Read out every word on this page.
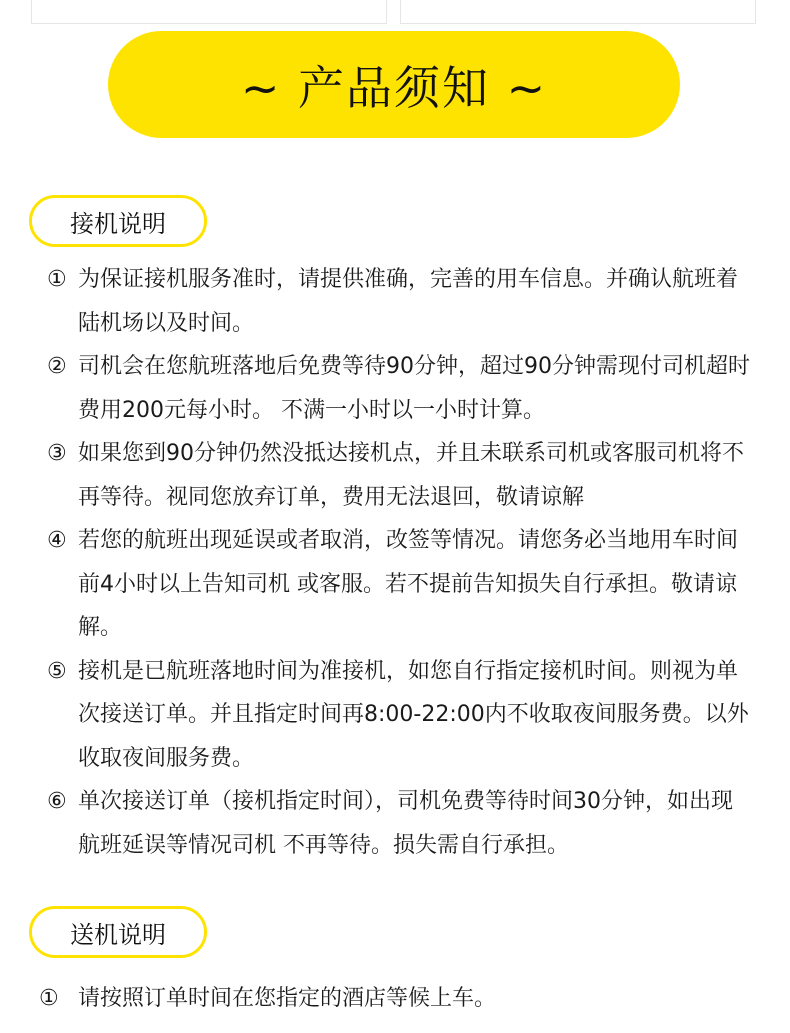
~ 产品须知 ~
接机说明
① 为保证接机服务准时，请提供准确，完善的用车信息。并确认航班着陆机场以及时间。
② 司机会在您航班落地后免费等待90分钟，超过90分钟需现付司机超时费用200元每小时。 不满一小时以一小时计算。
③ 如果您到90分钟仍然没抵达接机点，并且未联系司机或客服司机将不再等待。视同您放弃订单，费用无法退回，敬请谅解
④ 若您的航班出现延误或者取消，改签等情况。请您务必当地用车时间前4小时以上告知司机 或客服。若不提前告知损失自行承担。敬请谅解。
⑤ 接机是已航班落地时间为准接机，如您自行指定接机时间。则视为单次接送订单。并且指定时间再8:00-22:00内不收取夜间服务费。以外收取夜间服务费。
⑥ 单次接送订单（接机指定时间），司机免费等待时间30分钟，如出现航班延误等情况司机 不再等待。损失需自行承担。
送机说明
① 请按照订单时间在您指定的酒店等候上车。
